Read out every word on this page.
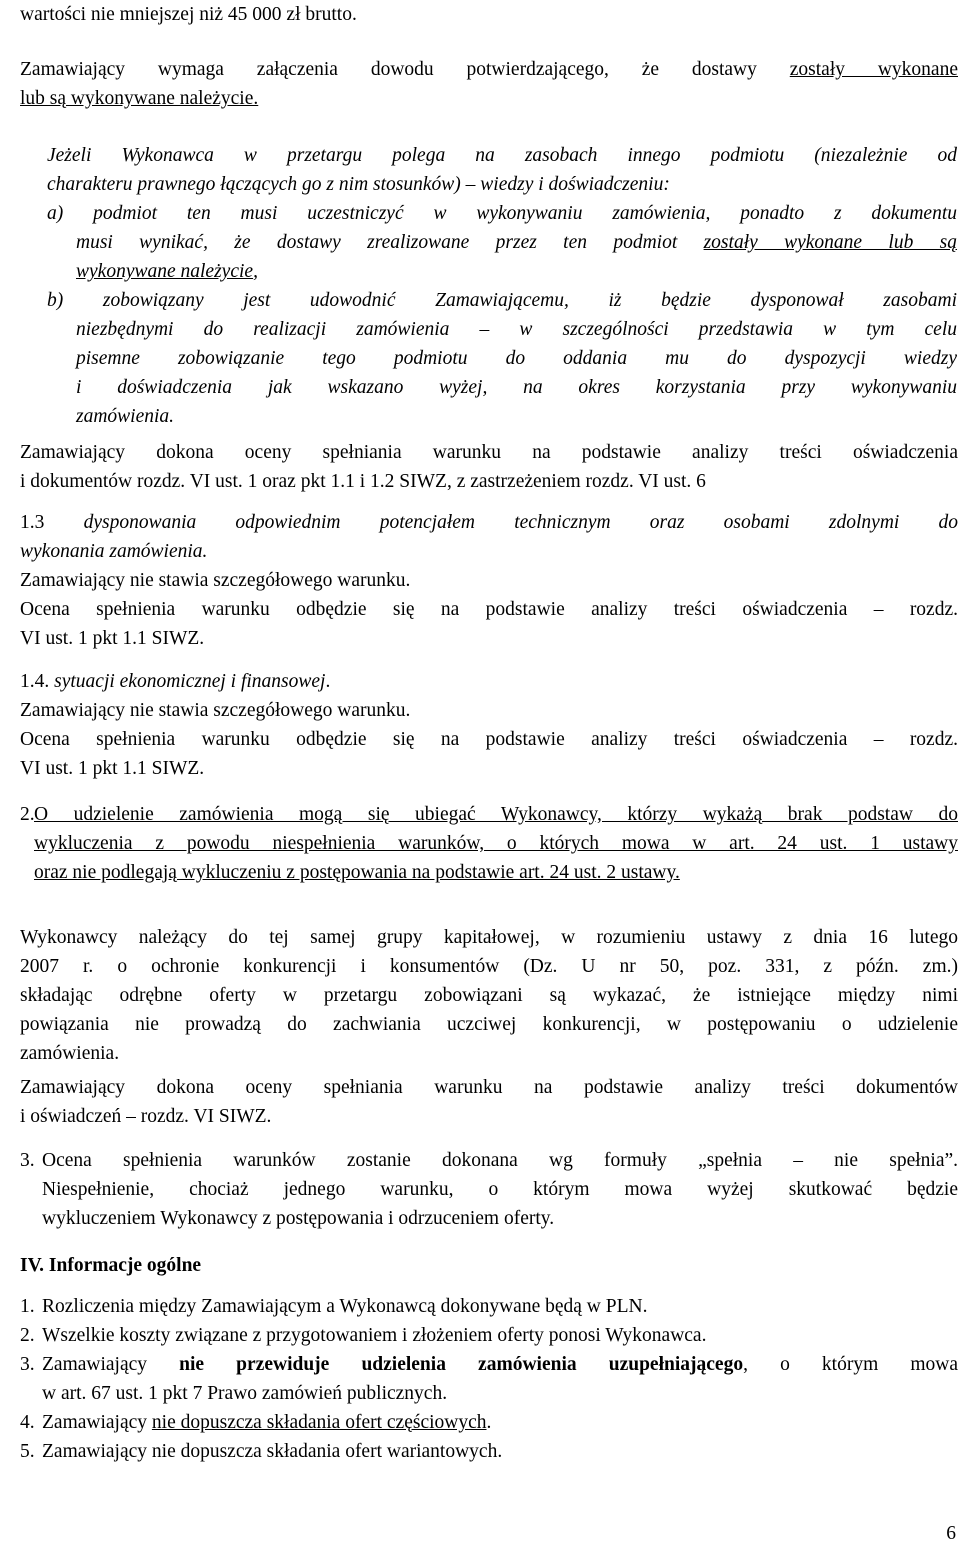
wartości nie mniejszej niż 45 000 zł brutto.

Zamawiający wymaga załączenia dowodu potwierdzającego, że dostawy zostały wykonane

lub są wykonywane należycie.

Jeżeli Wykonawca w przetargu polega na zasobach innego podmiotu (niezależnie od

charakteru prawnego łączących go z nim stosunków) – wiedzy i doświadczeniu:

a) podmiot ten musi uczestniczyć w wykonywaniu zamówienia, ponadto z dokumentu

musi wynikać, że dostawy zrealizowane przez ten podmiot zostały wykonane lub są

wykonywane należycie,

b) zobowiązany jest udowodnić Zamawiającemu, iż będzie dysponował zasobami

niezbędnymi do realizacji zamówienia – w szczególności przedstawia w tym celu

pisemne zobowiązanie tego podmiotu do oddania mu do dyspozycji wiedzy

i doświadczenia jak wskazano wyżej, na okres korzystania przy wykonywaniu

zamówienia.

Zamawiający dokona oceny spełniania warunku na podstawie analizy treści oświadczenia

i dokumentów rozdz. VI ust. 1 oraz pkt 1.1 i 1.2 SIWZ, z zastrzeżeniem rozdz. VI ust. 6

1.3 dysponowania odpowiednim potencjałem technicznym oraz osobami zdolnymi do

wykonania zamówienia.

Zamawiający nie stawia szczegółowego warunku.

Ocena spełnienia warunku odbędzie się na podstawie analizy treści oświadczenia – rozdz.

VI ust. 1 pkt 1.1 SIWZ.

1.4. sytuacji ekonomicznej i finansowej.

Zamawiający nie stawia szczegółowego warunku.

Ocena spełnienia warunku odbędzie się na podstawie analizy treści oświadczenia – rozdz.

VI ust. 1 pkt 1.1 SIWZ.

2. O udzielenie zamówienia mogą się ubiegać Wykonawcy, którzy wykażą brak podstaw do

wykluczenia z powodu niespełnienia warunków, o których mowa w art. 24 ust. 1 ustawy

oraz nie podlegają wykluczeniu z postępowania na podstawie art. 24 ust. 2 ustawy.

Wykonawcy należący do tej samej grupy kapitałowej, w rozumieniu ustawy z dnia 16 lutego

2007 r. o ochronie konkurencji i konsumentów (Dz. U nr 50, poz. 331, z późn. zm.)

składając odrębne oferty w przetargu zobowiązani są wykazać, że istniejące między nimi

powiązania nie prowadzą do zachwiania uczciwej konkurencji, w postępowaniu o udzielenie

zamówienia.

Zamawiający dokona oceny spełniania warunku na podstawie analizy treści dokumentów

i oświadczeń – rozdz. VI SIWZ.

3. Ocena spełnienia warunków zostanie dokonana wg formuły „spełnia – nie spełnia”.

Niespełnienie, chociaż jednego warunku, o którym mowa wyżej skutkować będzie

wykluczeniem Wykonawcy z postępowania i odrzuceniem oferty.

IV. Informacje ogólne
1. Rozliczenia między Zamawiającym a Wykonawcą dokonywane będą w PLN.

2. Wszelkie koszty związane z przygotowaniem i złożeniem oferty ponosi Wykonawca.

3. Zamawiający nie przewiduje udzielenia zamówienia uzupełniającego, o którym mowa

w art. 67 ust. 1 pkt 7 Prawo zamówień publicznych.

4. Zamawiający nie dopuszcza składania ofert częściowych.

5. Zamawiający nie dopuszcza składania ofert wariantowych.

6
